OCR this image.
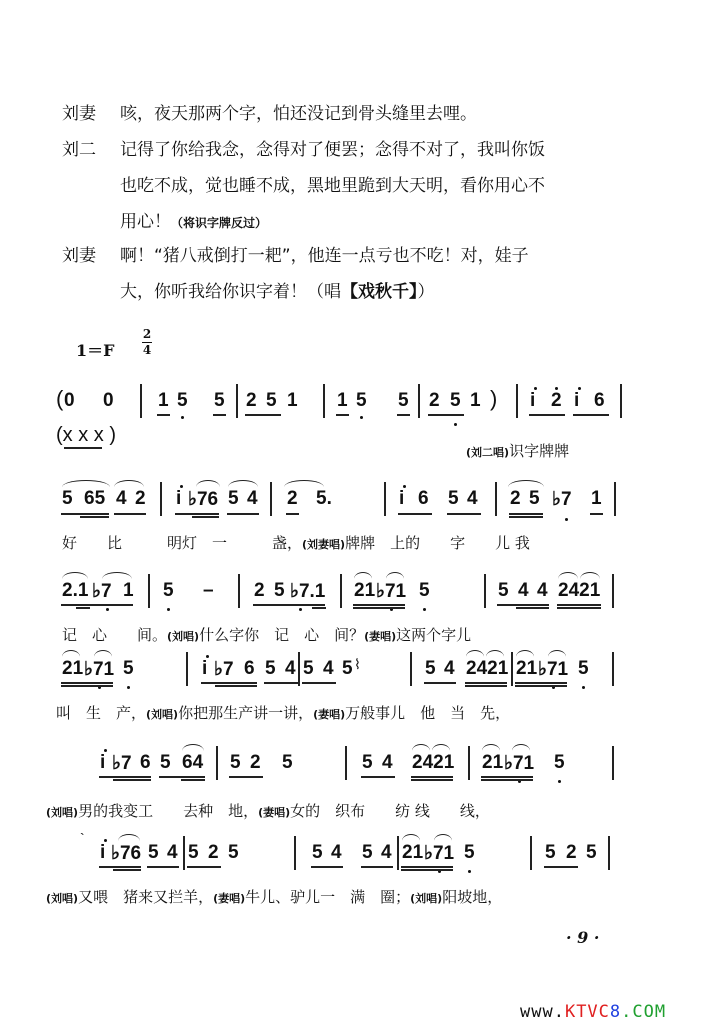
刘妻	咳，夜天那两个字，怕还没记到骨头缝里去哩。
刘二	记得了你给我念，念得对了便罢；念得不对了，我叫你饭
也吃不成，觉也睡不成，黑地里跪到大天明，看你用心不
用心！（将识字牌反过）
刘妻	啊！“猪八戒倒打一耙”，他连一点亏也不吃！对，娃子
大，你听我给你识字着！（唱【戏秋千】）
1＝F
2
4
( 0 0 1 5 5 2 5 1 1 5 5 2 5 1 ) i 2 i 6
(x x x )
(刘二唱)识字牌牌
5 65 4 2 i ♭76 5 4 2 5.	i 6 5 4 2 5 ♭7 1
好　　比　　　明灯　一　　　盏，(刘妻唱)牌牌　上的　　字　　儿 我
2.1 ♭7 1 5 – 2 5 ♭7.1 21 ♭71 5	5 4 4 2421
记　心　　间。(刘唱)什么字你　记　心　间？(妻唱)这两个字儿
21 ♭71 5	i ♭7 6 5 4 5 4 5 ⌇	5 4 2421 21 ♭71 5
叫　生　产，(刘唱)你把那生产讲一讲，(妻唱)万般事儿　他　当　先，
i ♭7 6 5 64 5 2 5	5 4 2421 21 ♭71 5
(刘唱)男的我变工　　去种　地，(妻唱)女的　织布　　纺 线　　线，
`
i ♭76 5 4 5 2 5	5 4 5 4 21 ♭71 5	5 2 5
(刘唱)又喂　猪来又拦羊，(妻唱)牛儿、驴儿一　满　圈；(刘唱)阳坡地，
· 9 ·
www.KTVC8.COM
